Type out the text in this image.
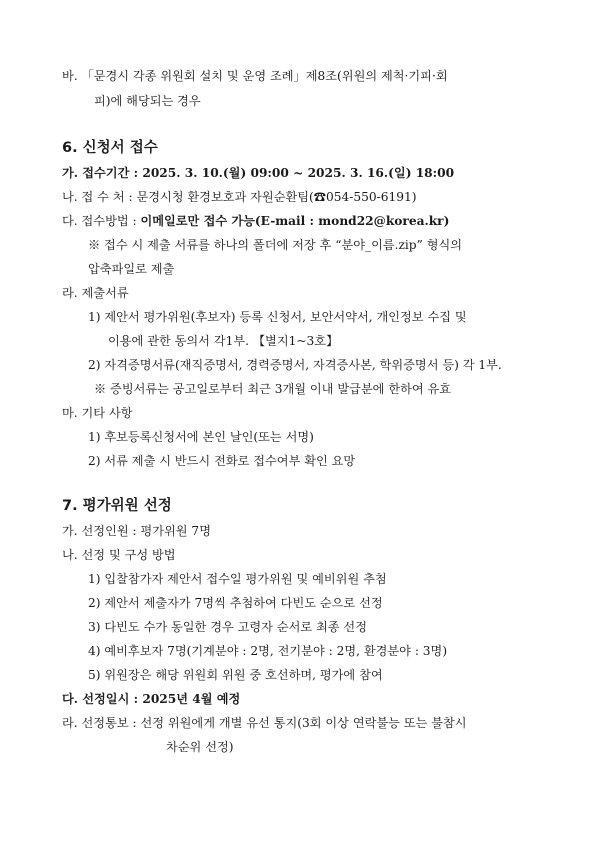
바. 「문경시 각종 위원회 설치 및 운영 조례」제8조(위원의 제척·기피·회
피)에 해당되는 경우
6. 신청서 접수
가. 접수기간 : 2025. 3. 10.(월) 09:00 ~ 2025. 3. 16.(일) 18:00
나. 접 수 처 : 문경시청 환경보호과 자원순환팀(☎054-550-6191)
다. 접수방법 : 이메일로만 접수 가능(E-mail : mond22@korea.kr)
※ 접수 시 제출 서류를 하나의 폴더에 저장 후 “분야_이름.zip” 형식의
압축파일로 제출
라. 제출서류
1) 제안서 평가위원(후보자) 등록 신청서, 보안서약서, 개인정보 수집 및
이용에 관한 동의서 각1부. 【별지1~3호】
2) 자격증명서류(재직증명서, 경력증명서, 자격증사본, 학위증명서 등) 각 1부.
※ 증빙서류는 공고일로부터 최근 3개월 이내 발급분에 한하여 유효
마. 기타 사항
1) 후보등록신청서에 본인 날인(또는 서명)
2) 서류 제출 시 반드시 전화로 접수여부 확인 요망
7. 평가위원 선정
가. 선정인원 : 평가위원 7명
나. 선정 및 구성 방법
1) 입찰참가자 제안서 접수일 평가위원 및 예비위원 추첨
2) 제안서 제출자가 7명씩 추첨하여 다빈도 순으로 선정
3) 다빈도 수가 동일한 경우 고령자 순서로 최종 선정
4) 예비후보자 7명(기계분야 : 2명, 전기분야 : 2명, 환경분야 : 3명)
5) 위원장은 해당 위원회 위원 중 호선하며, 평가에 참여
다. 선정일시 : 2025년 4월 예정
라. 선정통보 : 선정 위원에게 개별 유선 통지(3회 이상 연락불능 또는 불참시
차순위 선정)
